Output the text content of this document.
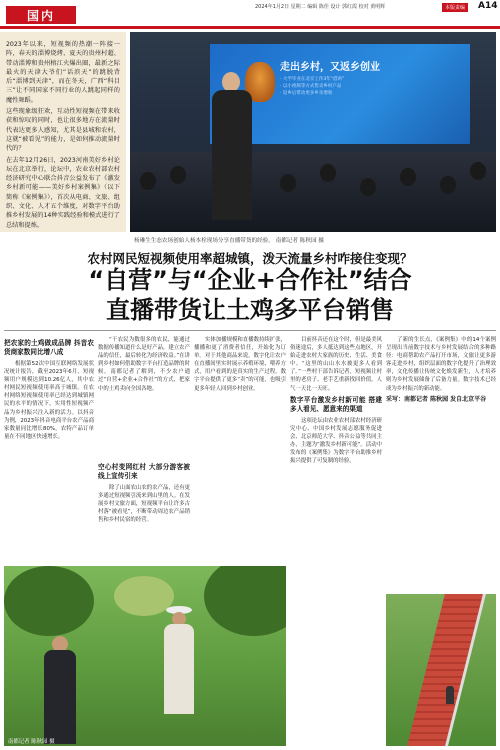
国内
2024年1月2日 星期二 编辑 陈佳 设计 郭红霞 校对 黄明辉	本版责编	A14

2023年以来，短视频的热潮一阵接一阵，春天的淄博烧烤、夏天的贵州村超、带动淄博和贵州榕江火爆出圈，最新之际最火的天津大爷们“话滨天”的跳脱背后“淄博到天津”，而在冬天，广西“科目三”让不同国家不同行业的人跳起同样的魔性舞蹈。

这些现象级狂欢，互动性短视频在带来收获和惊叹的同时，也让很多地方在流量时代表达更多人感知，尤其是县城和农村，这就“被看见”的能力，是如何推动流量时代的？

在去年12月26日，2023河南美好乡村论坛在北京举行，论坛中，农业农村部农村经济研究中心联合抖音公益发布了《激发乡村新可能——美好乡村案例集》（以下简称《案例集》），首次从电商、文旅、组织、文化、人才五个维度，对数字平台助推乡村发展的14种实践经验和模式进行了总结和提炼。

走出乡村，又返乡创业
· 大学毕业在北京工作3年“借鸡”
· 以小视频等方式售卖乡村产品
· 返乡后带动更多乡亲增收
杨琳生生态农场创始人杨本栓现场分享直播带货的经验。 南都记者 陈秋园 摄
农村网民短视频使用率超城镇，泼天流量乡村咋接住变现？
“自营”与“企业+合作社”结合
直播带货让土鸡多平台销售
把农家的土鸡做成品牌 抖音农货商家数同比增八成

根据第52次中国互联网络发展状况统计报告，截至2023年6月，短视频用户规模达到10.26亿人，其中农村网民短视频使用率高于城镇。在农村网络短视频使用率已经达到城镇网民的水平的情况下，实用性短视频产品为乡村振兴注入新的活力。以抖音为例，2023年抖音电商平台农产品商家数量同比增长80%，农特产品订单量在不同地区快速增长。

“干农民为数很多的农民，能通过数据传播知道什么是好产品，建立农产品的信任，最后转化为经济收益。”在讲到乡村如何借助数字平台打造品牌的时候，南都记者了解到，不少农户通过“自营+企业+合作社”的方式，把家中的土鸡卖向全国各地。

空心村变网红村 大部分游客被线上宣传引来

除了山面农山农的农产品，还有更多通过短视频引流来到山里的人。在发展乡村文旅方面，短视频平台让许多古村落“被看见”，不断带动周边农产品销售和乡村民宿的经营。

实体加播规模和直播数持续扩张，播播和更了消费者信任，开始化为订单。对于其他商品来说，数字化让农户在直播间里实时展示养殖环境、喂养方式，用户看到的是真实的生产过程。数字平台提供了更多“卖”的可能，也吸引更多年轻人回到乡村创业。

目前抖音还在这个时，但是最美风俗迷途后，多人抵达到这些点地区，开始走进农村大家族的历史、生活、美食中。“这里的山山水水被更多人看到了。”一些村干部告诉记者，短视频让村里的老房子、老手艺重新找回价值，人气一天比一天旺。

数字平台激发乡村新可能 搭建多人看见、愿意来的渠道

这项论坛由农业农村部农村经济研究中心、中国乡村发展志愿服务促进会、北京师范大学、抖音公益等共同主办，主题为“激发乡村新可能”。活动中发布的《案例集》为数字平台助推乡村振兴提供了可复制的经验。

了新的生长点，《案例集》中的14个案例呈现出当前数字技术与乡村发展结合的多种路径：电商帮助农产品打开市场，文旅让更多游客走进乡村，组织层面的数字化提升了治理效率，文化传播让传统文化焕发新生，人才培养则为乡村发展储备了后备力量。数字技术已经成为乡村振兴的新动能。

采写：南都记者 陈秋园 发自北京平谷
南都记者 陈秋园 摄
